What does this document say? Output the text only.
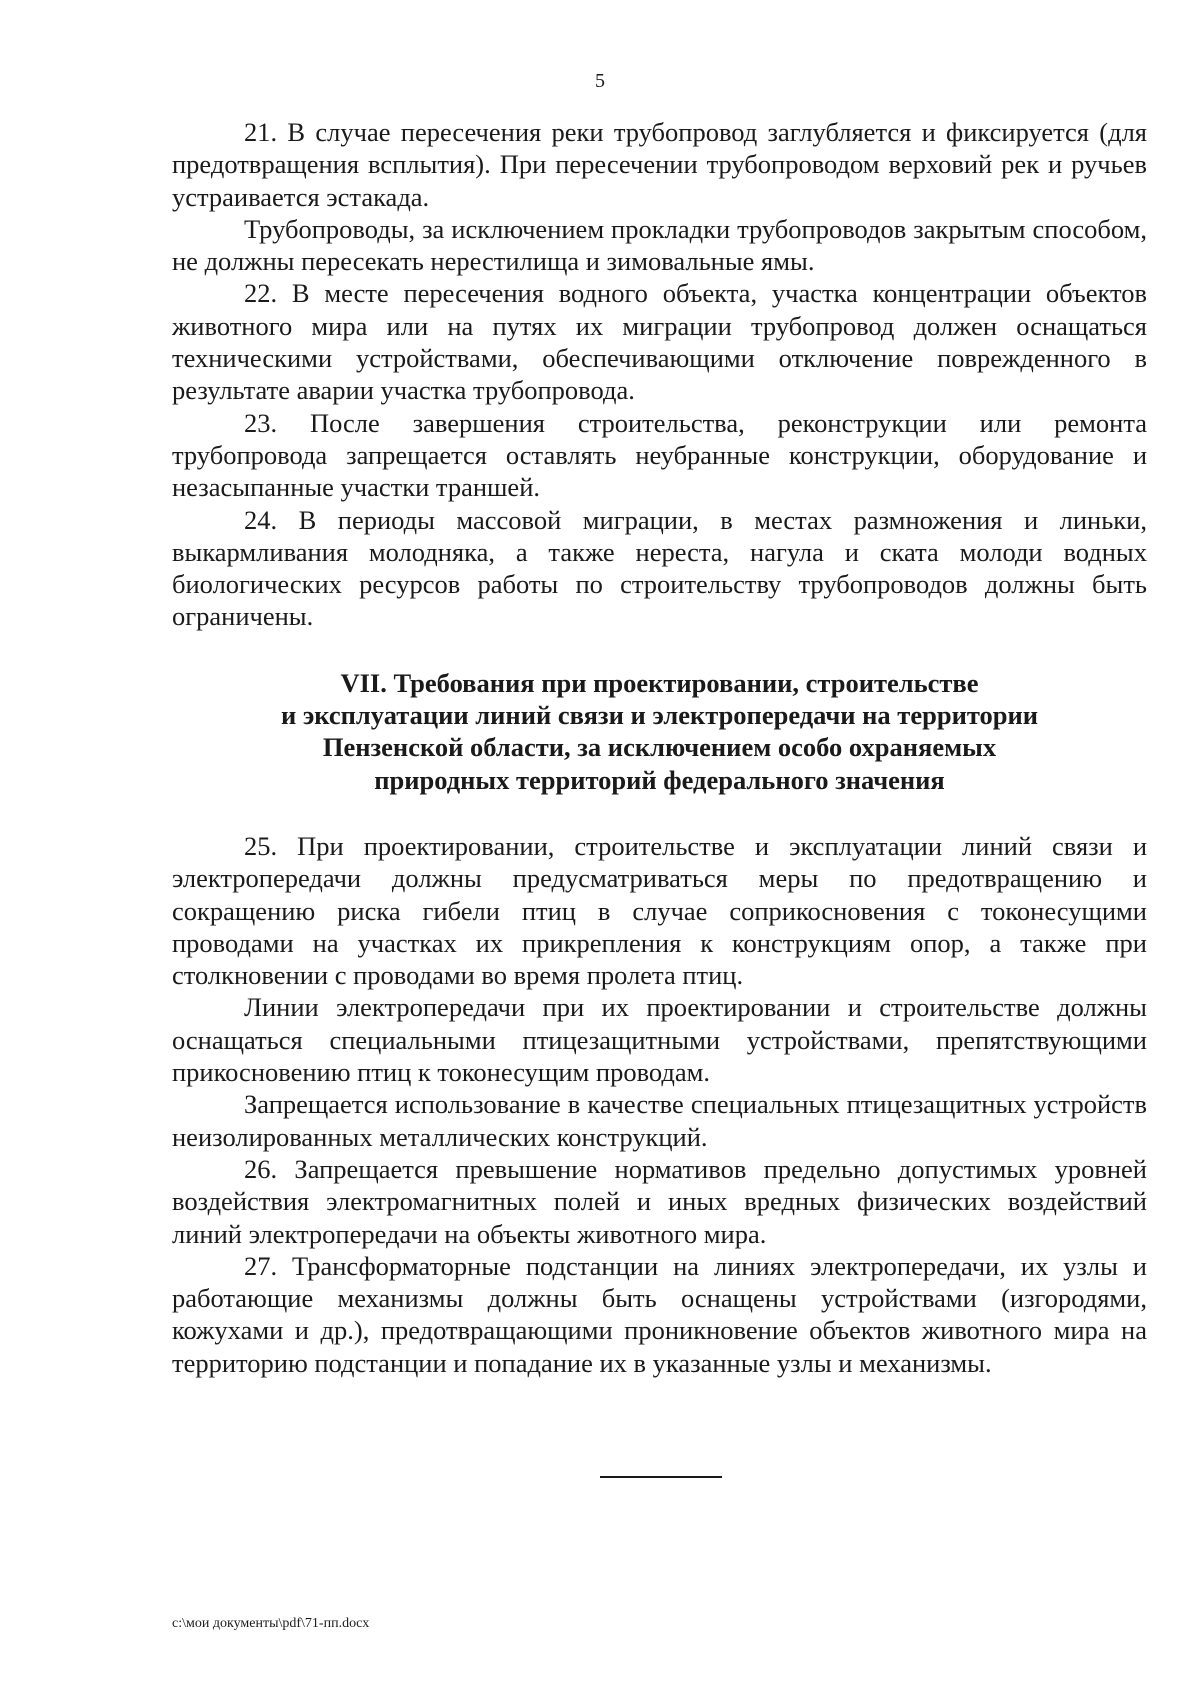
5

21. В случае пересечения реки трубопровод заглубляется и фиксируется (для предотвращения всплытия). При пересечении трубопроводом верховий рек и ручьев устраивается эстакада.

Трубопроводы, за исключением прокладки трубопроводов закрытым способом, не должны пересекать нерестилища и зимовальные ямы.

22. В месте пересечения водного объекта, участка концентрации объектов животного мира или на путях их миграции трубопровод должен оснащаться техническими устройствами, обеспечивающими отключение поврежденного в результате аварии участка трубопровода.

23. После завершения строительства, реконструкции или ремонта трубопровода запрещается оставлять неубранные конструкции, оборудование и незасыпанные участки траншей.

24. В периоды массовой миграции, в местах размножения и линьки, выкармливания молодняка, а также нереста, нагула и ската молоди водных биологических ресурсов работы по строительству трубопроводов должны быть ограничены.

VII. Требования при проектировании, строительстве
и эксплуатации линий связи и электропередачи на территории
Пензенской области, за исключением особо охраняемых
природных территорий федерального значения

25. При проектировании, строительстве и эксплуатации линий связи и электропередачи должны предусматриваться меры по предотвращению и сокращению риска гибели птиц в случае соприкосновения с токонесущими проводами на участках их прикрепления к конструкциям опор, а также при столкновении с проводами во время пролета птиц.

Линии электропередачи при их проектировании и строительстве должны оснащаться специальными птицезащитными устройствами, препятствующими прикосновению птиц к токонесущим проводам.

Запрещается использование в качестве специальных птицезащитных устройств неизолированных металлических конструкций.

26. Запрещается превышение нормативов предельно допустимых уровней воздействия электромагнитных полей и иных вредных физических воздействий линий электропередачи на объекты животного мира.

27. Трансформаторные подстанции на линиях электропередачи, их узлы и работающие механизмы должны быть оснащены устройствами (изгородями, кожухами и др.), предотвращающими проникновение объектов животного мира на территорию подстанции и попадание их в указанные узлы и механизмы.

c:\мои документы\pdf\71-пп.docx
